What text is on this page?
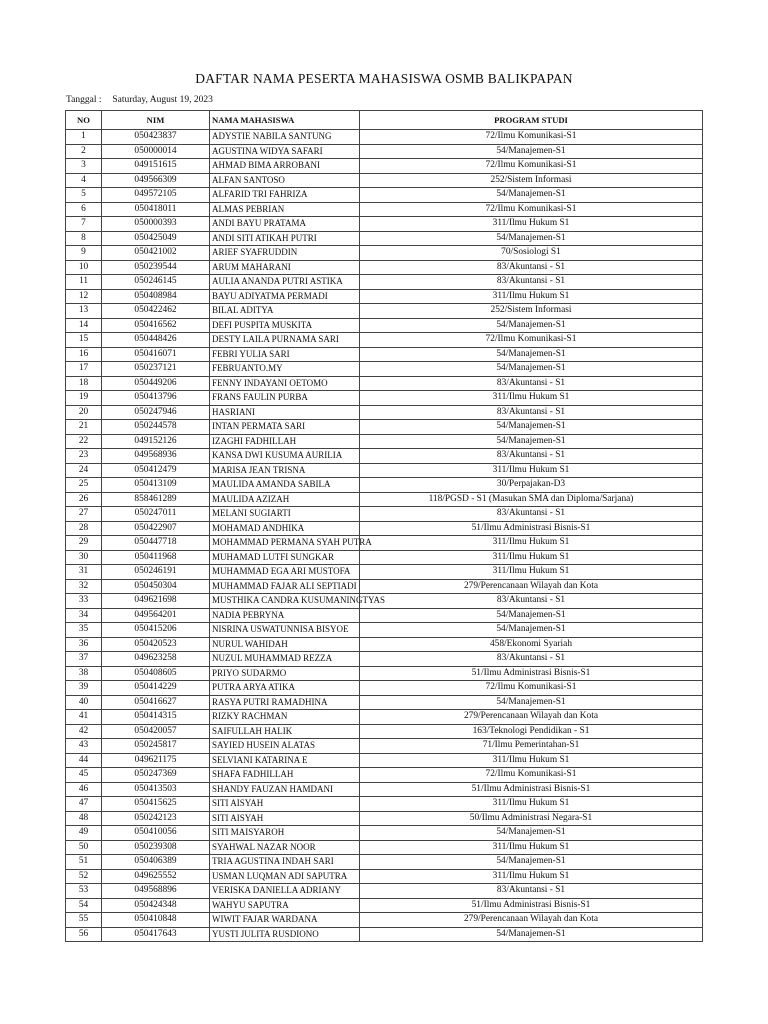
DAFTAR NAMA PESERTA MAHASISWA OSMB BALIKPAPAN
Tanggal : Saturday, August 19, 2023
NO	NIM	NAMA MAHASISWA	PROGRAM STUDI
1	050423837	ADYSTIE NABILA SANTUNG	72/Ilmu Komunikasi-S1
2	050000014	AGUSTINA WIDYA SAFARI	54/Manajemen-S1
3	049151615	AHMAD BIMA ARROBANI	72/Ilmu Komunikasi-S1
4	049566309	ALFAN SANTOSO	252/Sistem Informasi
5	049572105	ALFARID TRI FAHRIZA	54/Manajemen-S1
6	050418011	ALMAS PEBRIAN	72/Ilmu Komunikasi-S1
7	050000393	ANDI BAYU PRATAMA	311/Ilmu Hukum S1
8	050425049	ANDI SITI ATIKAH PUTRI	54/Manajemen-S1
9	050421002	ARIEF SYAFRUDDIN	70/Sosiologi S1
10	050239544	ARUM MAHARANI	83/Akuntansi - S1
11	050246145	AULIA ANANDA PUTRI ASTIKA	83/Akuntansi - S1
12	050408984	BAYU ADIYATMA PERMADI	311/Ilmu Hukum S1
13	050422462	BILAL ADITYA	252/Sistem Informasi
14	050416562	DEFI PUSPITA MUSKITA	54/Manajemen-S1
15	050448426	DESTY LAILA PURNAMA SARI	72/Ilmu Komunikasi-S1
16	050416071	FEBRI YULIA SARI	54/Manajemen-S1
17	050237121	FEBRUANTO.MY	54/Manajemen-S1
18	050449206	FENNY INDAYANI OETOMO	83/Akuntansi - S1
19	050413796	FRANS FAULIN PURBA	311/Ilmu Hukum S1
20	050247946	HASRIANI	83/Akuntansi - S1
21	050244578	INTAN PERMATA SARI	54/Manajemen-S1
22	049152126	IZAGHI FADHILLAH	54/Manajemen-S1
23	049568936	KANSA DWI KUSUMA AURILIA	83/Akuntansi - S1
24	050412479	MARISA JEAN TRISNA	311/Ilmu Hukum S1
25	050413109	MAULIDA AMANDA SABILA	30/Perpajakan-D3
26	858461289	MAULIDA AZIZAH	118/PGSD - S1 (Masukan SMA dan Diploma/Sarjana)
27	050247011	MELANI SUGIARTI	83/Akuntansi - S1
28	050422907	MOHAMAD ANDHIKA	51/Ilmu Administrasi Bisnis-S1
29	050447718	MOHAMMAD PERMANA SYAH PUTRA	311/Ilmu Hukum S1
30	050411968	MUHAMAD LUTFI SUNGKAR	311/Ilmu Hukum S1
31	050246191	MUHAMMAD EGA ARI MUSTOFA	311/Ilmu Hukum S1
32	050450304	MUHAMMAD FAJAR ALI SEPTIADI	279/Perencanaan Wilayah dan Kota
33	049621698	MUSTHIKA CANDRA KUSUMANINGTYAS	83/Akuntansi - S1
34	049564201	NADIA PEBRYNA	54/Manajemen-S1
35	050415206	NISRINA USWATUNNISA BISYOE	54/Manajemen-S1
36	050420523	NURUL WAHIDAH	458/Ekonomi Syariah
37	049623258	NUZUL MUHAMMAD REZZA	83/Akuntansi - S1
38	050408605	PRIYO SUDARMO	51/Ilmu Administrasi Bisnis-S1
39	050414229	PUTRA ARYA ATIKA	72/Ilmu Komunikasi-S1
40	050416627	RASYA PUTRI RAMADHINA	54/Manajemen-S1
41	050414315	RIZKY RACHMAN	279/Perencanaan Wilayah dan Kota
42	050420057	SAIFULLAH HALIK	163/Teknologi Pendidikan - S1
43	050245817	SAYIED HUSEIN ALATAS	71/Ilmu Pemerintahan-S1
44	049621175	SELVIANI KATARINA E	311/Ilmu Hukum S1
45	050247369	SHAFA FADHILLAH	72/Ilmu Komunikasi-S1
46	050413503	SHANDY FAUZAN HAMDANI	51/Ilmu Administrasi Bisnis-S1
47	050415625	SITI AISYAH	311/Ilmu Hukum S1
48	050242123	SITI AISYAH	50/Ilmu Administrasi Negara-S1
49	050410056	SITI MAISYAROH	54/Manajemen-S1
50	050239308	SYAHWAL NAZAR NOOR	311/Ilmu Hukum S1
51	050406389	TRIA AGUSTINA INDAH SARI	54/Manajemen-S1
52	049625552	USMAN LUQMAN ADI SAPUTRA	311/Ilmu Hukum S1
53	049568896	VERISKA DANIELLA ADRIANY	83/Akuntansi - S1
54	050424348	WAHYU SAPUTRA	51/Ilmu Administrasi Bisnis-S1
55	050410848	WIWIT FAJAR WARDANA	279/Perencanaan Wilayah dan Kota
56	050417643	YUSTI JULITA RUSDIONO	54/Manajemen-S1
